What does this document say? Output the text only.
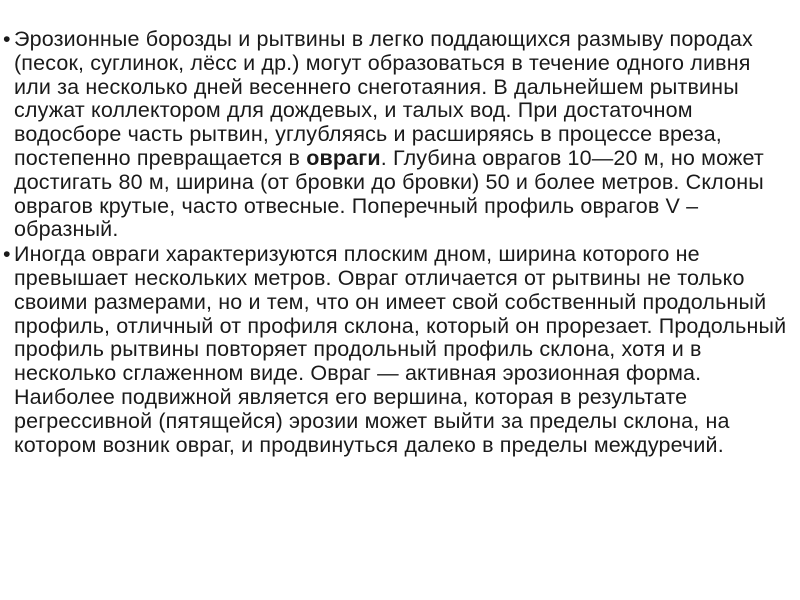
• Эрозионные борозды и рытвины в легко поддающихся размыву породах (песок, суглинок, лёсс и др.) могут образоваться в течение одного ливня или за несколько дней весеннего снеготаяния. В дальнейшем рытвины служат коллектором для дождевых, и талых вод. При достаточном водосборе часть рытвин, углубляясь и расширяясь в процессе вреза, постепенно превращается в овраги. Глубина оврагов 10—20 м, но может достигать 80 м, ширина (от бровки до бровки) 50 и более метров. Склоны оврагов крутые, часто отвесные. Поперечный профиль оврагов V –образный.

• Иногда овраги характеризуются плоским дном, ширина которого не превышает нескольких метров. Овраг отличается от рытвины не только своими размерами, но и тем, что он имеет свой собственный продольный профиль, отличный от профиля склона, который он прорезает. Продольный профиль рытвины повторяет продольный профиль склона, хотя и в несколько сглаженном виде. Овраг — активная эрозионная форма. Наиболее подвижной является его вершина, которая в результате регрессивной (пятящейся) эрозии может выйти за пределы склона, на котором возник овраг, и продвинуться далеко в пределы междуречий.
